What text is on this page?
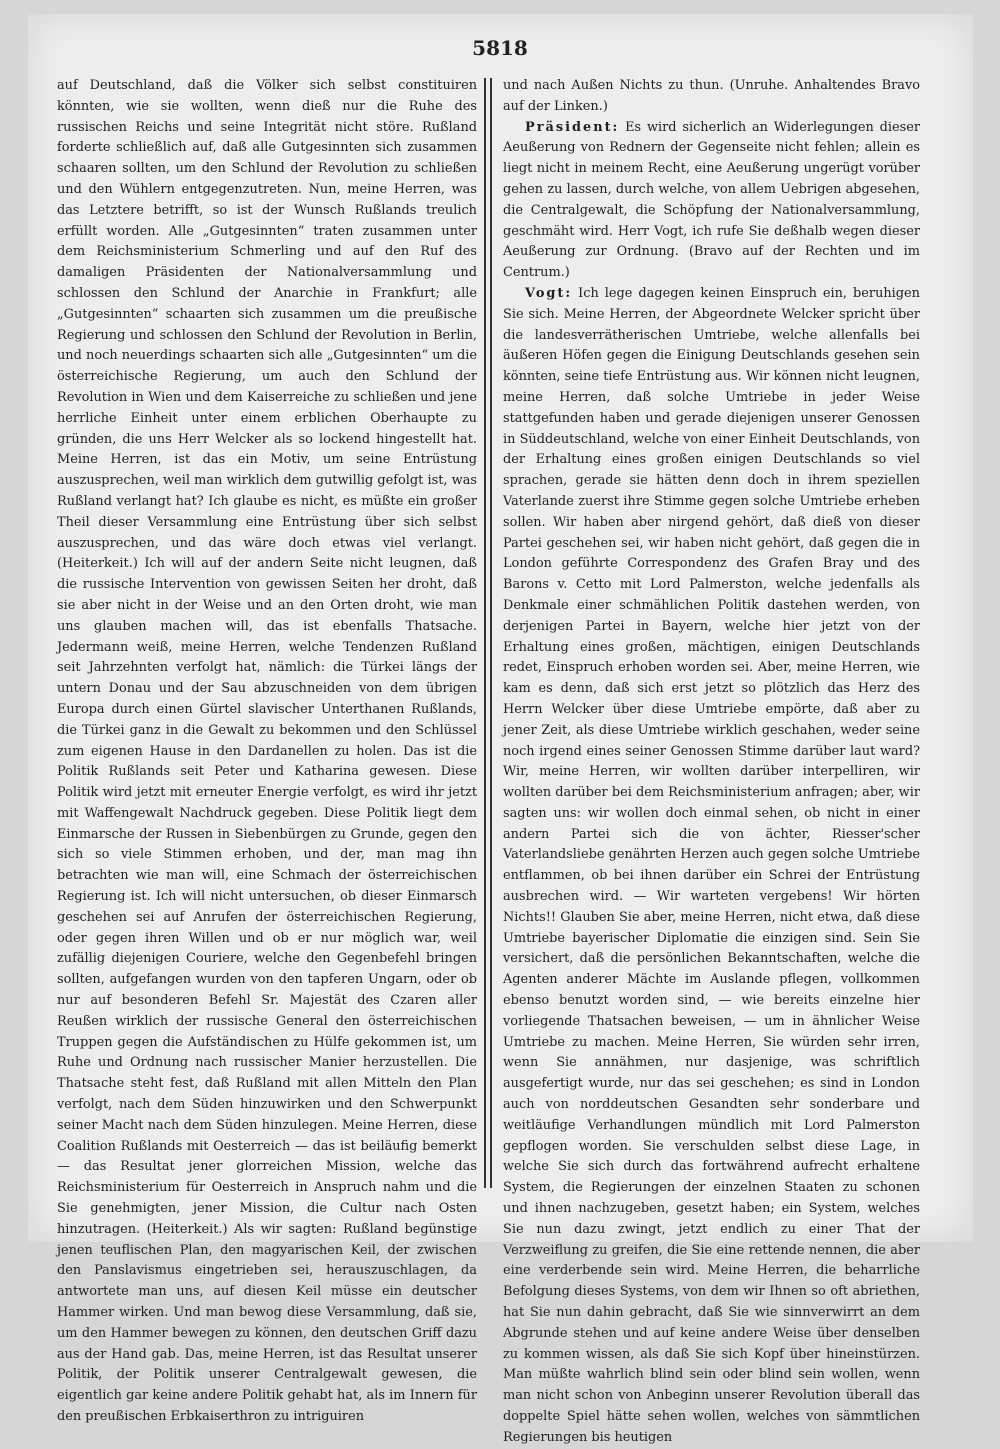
5818

auf Deutschland, daß die Völker sich selbst constituiren könnten, wie sie wollten, wenn dieß nur die Ruhe des russischen Reichs und seine Integrität nicht störe. Rußland forderte schließlich auf, daß alle Gutgesinnten sich zusammen schaaren sollten, um den Schlund der Revolution zu schließen und den Wühlern entgegenzutreten. Nun, meine Herren, was das Letztere betrifft, so ist der Wunsch Rußlands treulich erfüllt worden. Alle „Gutgesinnten“ traten zusammen unter dem Reichsministerium Schmerling und auf den Ruf des damaligen Präsidenten der Nationalversammlung und schlossen den Schlund der Anarchie in Frankfurt; alle „Gutgesinnten“ schaarten sich zusammen um die preußische Regierung und schlossen den Schlund der Revolution in Berlin, und noch neuerdings schaarten sich alle „Gutgesinnten“ um die österreichische Regierung, um auch den Schlund der Revolution in Wien und dem Kaiserreiche zu schließen und jene herrliche Einheit unter einem erblichen Oberhaupte zu gründen, die uns Herr Welcker als so lockend hingestellt hat. Meine Herren, ist das ein Motiv, um seine Entrüstung auszusprechen, weil man wirklich dem gutwillig gefolgt ist, was Rußland verlangt hat? Ich glaube es nicht, es müßte ein großer Theil dieser Versammlung eine Entrüstung über sich selbst auszusprechen, und das wäre doch etwas viel verlangt. (Heiterkeit.) Ich will auf der andern Seite nicht leugnen, daß die russische Intervention von gewissen Seiten her droht, daß sie aber nicht in der Weise und an den Orten droht, wie man uns glauben machen will, das ist ebenfalls Thatsache. Jedermann weiß, meine Herren, welche Tendenzen Rußland seit Jahrzehnten verfolgt hat, nämlich: die Türkei längs der untern Donau und der Sau abzuschneiden von dem übrigen Europa durch einen Gürtel slavischer Unterthanen Rußlands, die Türkei ganz in die Gewalt zu bekommen und den Schlüssel zum eigenen Hause in den Dardanellen zu holen. Das ist die Politik Rußlands seit Peter und Katharina gewesen. Diese Politik wird jetzt mit erneuter Energie verfolgt, es wird ihr jetzt mit Waffengewalt Nachdruck gegeben. Diese Politik liegt dem Einmarsche der Russen in Siebenbürgen zu Grunde, gegen den sich so viele Stimmen erhoben, und der, man mag ihn betrachten wie man will, eine Schmach der österreichischen Regierung ist. Ich will nicht untersuchen, ob dieser Einmarsch geschehen sei auf Anrufen der österreichischen Regierung, oder gegen ihren Willen und ob er nur möglich war, weil zufällig diejenigen Couriere, welche den Gegenbefehl bringen sollten, aufgefangen wurden von den tapferen Ungarn, oder ob nur auf besonderen Befehl Sr. Majestät des Czaren aller Reußen wirklich der russische General den österreichischen Truppen gegen die Aufständischen zu Hülfe gekommen ist, um Ruhe und Ordnung nach russischer Manier herzustellen. Die Thatsache steht fest, daß Rußland mit allen Mitteln den Plan verfolgt, nach dem Süden hinzuwirken und den Schwerpunkt seiner Macht nach dem Süden hinzulegen. Meine Herren, diese Coalition Rußlands mit Oesterreich — das ist beiläufig bemerkt — das Resultat jener glorreichen Mission, welche das Reichsministerium für Oesterreich in Anspruch nahm und die Sie genehmigten, jener Mission, die Cultur nach Osten hinzutragen. (Heiterkeit.) Als wir sagten: Rußland begünstige jenen teuflischen Plan, den magyarischen Keil, der zwischen den Panslavismus eingetrieben sei, herauszuschlagen, da antwortete man uns, auf diesen Keil müsse ein deutscher Hammer wirken. Und man bewog diese Versammlung, daß sie, um den Hammer bewegen zu können, den deutschen Griff dazu aus der Hand gab. Das, meine Herren, ist das Resultat unserer Politik, der Politik unserer Centralgewalt gewesen, die eigentlich gar keine andere Politik gehabt hat, als im Innern für den preußischen Erbkaiserthron zu intriguiren

und nach Außen Nichts zu thun. (Unruhe. Anhaltendes Bravo auf der Linken.)

Präsident: Es wird sicherlich an Widerlegungen dieser Aeußerung von Rednern der Gegenseite nicht fehlen; allein es liegt nicht in meinem Recht, eine Aeußerung ungerügt vorüber gehen zu lassen, durch welche, von allem Uebrigen abgesehen, die Centralgewalt, die Schöpfung der Nationalversammlung, geschmäht wird. Herr Vogt, ich rufe Sie deßhalb wegen dieser Aeußerung zur Ordnung. (Bravo auf der Rechten und im Centrum.)

Vogt: Ich lege dagegen keinen Einspruch ein, beruhigen Sie sich. Meine Herren, der Abgeordnete Welcker spricht über die landesverrätherischen Umtriebe, welche allenfalls bei äußeren Höfen gegen die Einigung Deutschlands gesehen sein könnten, seine tiefe Entrüstung aus. Wir können nicht leugnen, meine Herren, daß solche Umtriebe in jeder Weise stattgefunden haben und gerade diejenigen unserer Genossen in Süddeutschland, welche von einer Einheit Deutschlands, von der Erhaltung eines großen einigen Deutschlands so viel sprachen, gerade sie hätten denn doch in ihrem speziellen Vaterlande zuerst ihre Stimme gegen solche Umtriebe erheben sollen. Wir haben aber nirgend gehört, daß dieß von dieser Partei geschehen sei, wir haben nicht gehört, daß gegen die in London geführte Correspondenz des Grafen Bray und des Barons v. Cetto mit Lord Palmerston, welche jedenfalls als Denkmale einer schmählichen Politik dastehen werden, von derjenigen Partei in Bayern, welche hier jetzt von der Erhaltung eines großen, mächtigen, einigen Deutschlands redet, Einspruch erhoben worden sei. Aber, meine Herren, wie kam es denn, daß sich erst jetzt so plötzlich das Herz des Herrn Welcker über diese Umtriebe empörte, daß aber zu jener Zeit, als diese Umtriebe wirklich geschahen, weder seine noch irgend eines seiner Genossen Stimme darüber laut ward? Wir, meine Herren, wir wollten darüber interpelliren, wir wollten darüber bei dem Reichsministerium anfragen; aber, wir sagten uns: wir wollen doch einmal sehen, ob nicht in einer andern Partei sich die von ächter, Riesser'scher Vaterlandsliebe genährten Herzen auch gegen solche Umtriebe entflammen, ob bei ihnen darüber ein Schrei der Entrüstung ausbrechen wird. — Wir warteten vergebens! Wir hörten Nichts!! Glauben Sie aber, meine Herren, nicht etwa, daß diese Umtriebe bayerischer Diplomatie die einzigen sind. Sein Sie versichert, daß die persönlichen Bekanntschaften, welche die Agenten anderer Mächte im Auslande pflegen, vollkommen ebenso benutzt worden sind, — wie bereits einzelne hier vorliegende Thatsachen beweisen, — um in ähnlicher Weise Umtriebe zu machen. Meine Herren, Sie würden sehr irren, wenn Sie annähmen, nur dasjenige, was schriftlich ausgefertigt wurde, nur das sei geschehen; es sind in London auch von norddeutschen Gesandten sehr sonderbare und weitläufige Verhandlungen mündlich mit Lord Palmerston gepflogen worden. Sie verschulden selbst diese Lage, in welche Sie sich durch das fortwährend aufrecht erhaltene System, die Regierungen der einzelnen Staaten zu schonen und ihnen nachzugeben, gesetzt haben; ein System, welches Sie nun dazu zwingt, jetzt endlich zu einer That der Verzweiflung zu greifen, die Sie eine rettende nennen, die aber eine verderbende sein wird. Meine Herren, die beharrliche Befolgung dieses Systems, von dem wir Ihnen so oft abriethen, hat Sie nun dahin gebracht, daß Sie wie sinnverwirrt an dem Abgrunde stehen und auf keine andere Weise über denselben zu kommen wissen, als daß Sie sich Kopf über hineinstürzen. Man müßte wahrlich blind sein oder blind sein wollen, wenn man nicht schon von Anbeginn unserer Revolution überall das doppelte Spiel hätte sehen wollen, welches von sämmtlichen Regierungen bis heutigen
